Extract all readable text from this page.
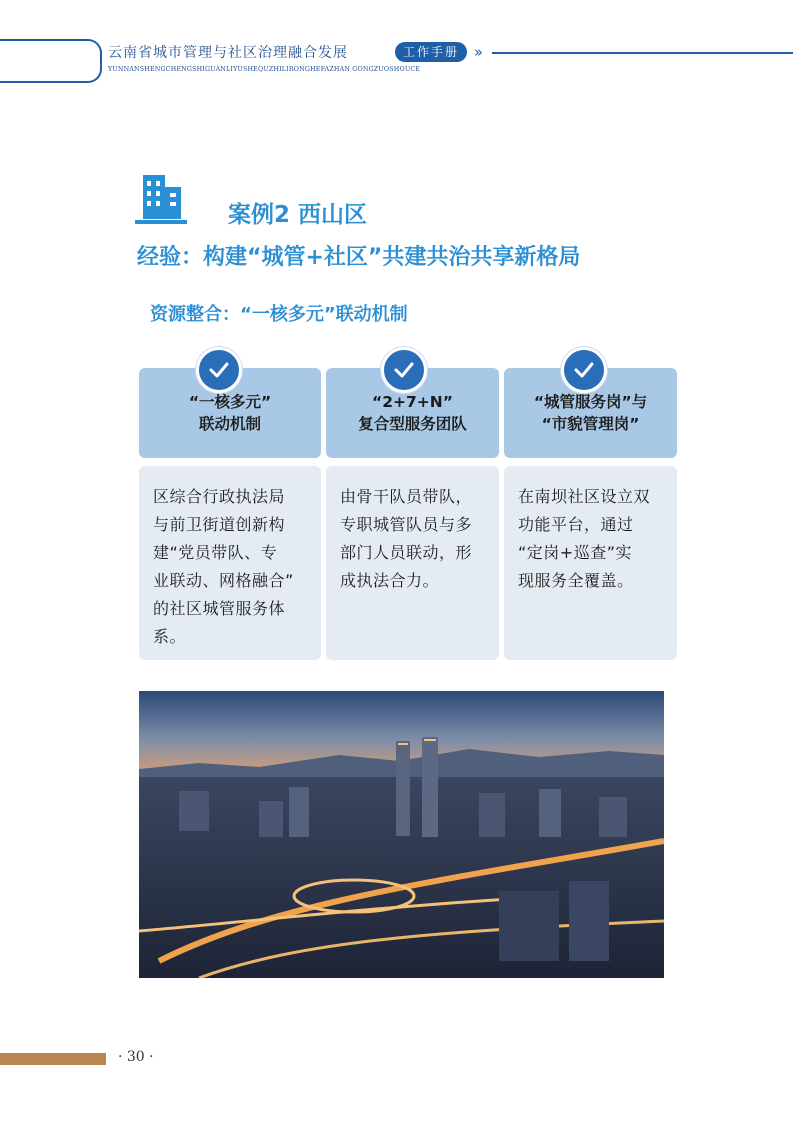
云南省城市管理与社区治理融合发展	工作手册 ››
YUNNANSHENGCHENGSHIGUANLIYUSHEQUZHILIRONGHEFAZHAN GONGZUOSHOUCE
案例2 西山区
经验：构建“城管+社区”共建共治共享新格局
资源整合：“一核多元”联动机制
“一核多元”
联动机制
区综合行政执法局
与前卫街道创新构
建“党员带队、专
业联动、网格融合”
的社区城管服务体
系。
“2+7+N”
复合型服务团队
由骨干队员带队，
专职城管队员与多
部门人员联动，形
成执法合力。
“城管服务岗”与
“市貌管理岗”
在南坝社区设立双
功能平台，通过
“定岗+巡查”实
现服务全覆盖。
· 30 ·
